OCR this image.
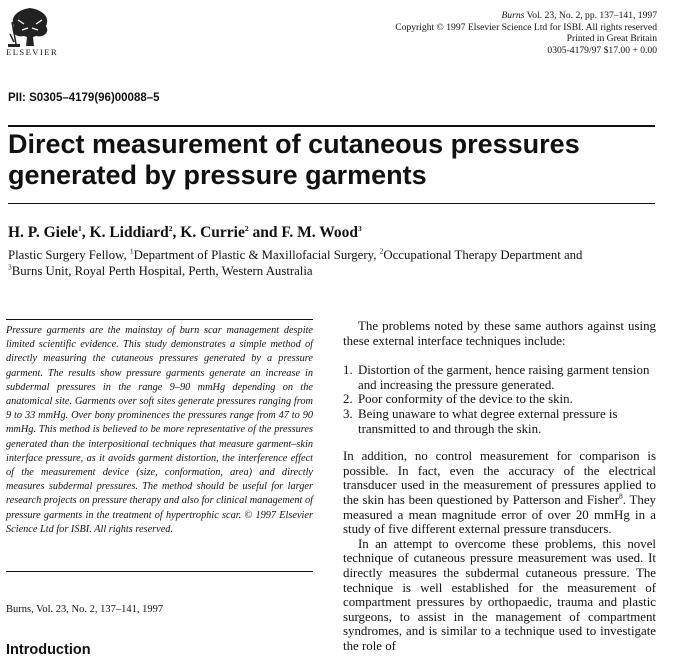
ELSEVIER
Burns Vol. 23, No. 2, pp. 137–141, 1997
Copyright © 1997 Elsevier Science Ltd for ISBI. All rights reserved
Printed in Great Britain
0305-4179/97 $17.00 + 0.00
PII: S0305–4179(96)00088–5
Direct measurement of cutaneous pressures
generated by pressure garments
H. P. Giele$^1$, K. Liddiard$^2$, K. Currie$^2$ and F. M. Wood$^3$
Plastic Surgery Fellow, $^1$Department of Plastic & Maxillofacial Surgery, $^2$Occupational Therapy Department and
$^3$Burns Unit, Royal Perth Hospital, Perth, Western Australia

Pressure garments are the mainstay of burn scar management despite limited scientific evidence. This study demonstrates a simple method of directly measuring the cutaneous pressures generated by a pressure garment. The results show pressure garments generate an increase in subdermal pressures in the range 9–90 mmHg depending on the anatomical site. Garments over soft sites generate pressures ranging from 9 to 33 mmHg. Over bony prominences the pressures range from 47 to 90 mmHg. This method is believed to be more representative of the pressures generated than the interpositional techniques that measure garment–skin interface pressure, as it avoids garment distortion, the interference effect of the measurement device (size, conformation, area) and directly measures subdermal pressures. The method should be useful for larger research projects on pressure therapy and also for clinical management of pressure garments in the treatment of hypertrophic scar. © 1997 Elsevier Science Ltd for ISBI. All rights reserved.

Burns, Vol. 23, No. 2, 137–141, 1997
Introduction

The problems noted by these same authors against using these external interface techniques include:

1. Distortion of the garment, hence raising garment tension and increasing the pressure generated.
2. Poor conformity of the device to the skin.
3. Being unaware to what degree external pressure is transmitted to and through the skin.

In addition, no control measurement for comparison is possible. In fact, even the accuracy of the electrical transducer used in the measurement of pressures applied to the skin has been questioned by Patterson and Fisher$^8$. They measured a mean magnitude error of over 20 mmHg in a study of five different external pressure transducers.

In an attempt to overcome these problems, this novel technique of cutaneous pressure measurement was used. It directly measures the subdermal cutaneous pressure. The technique is well established for the measurement of compartment pressures by orthopaedic, trauma and plastic surgeons, to assist in the management of compartment syndromes, and is similar to a technique used to investigate the role of
